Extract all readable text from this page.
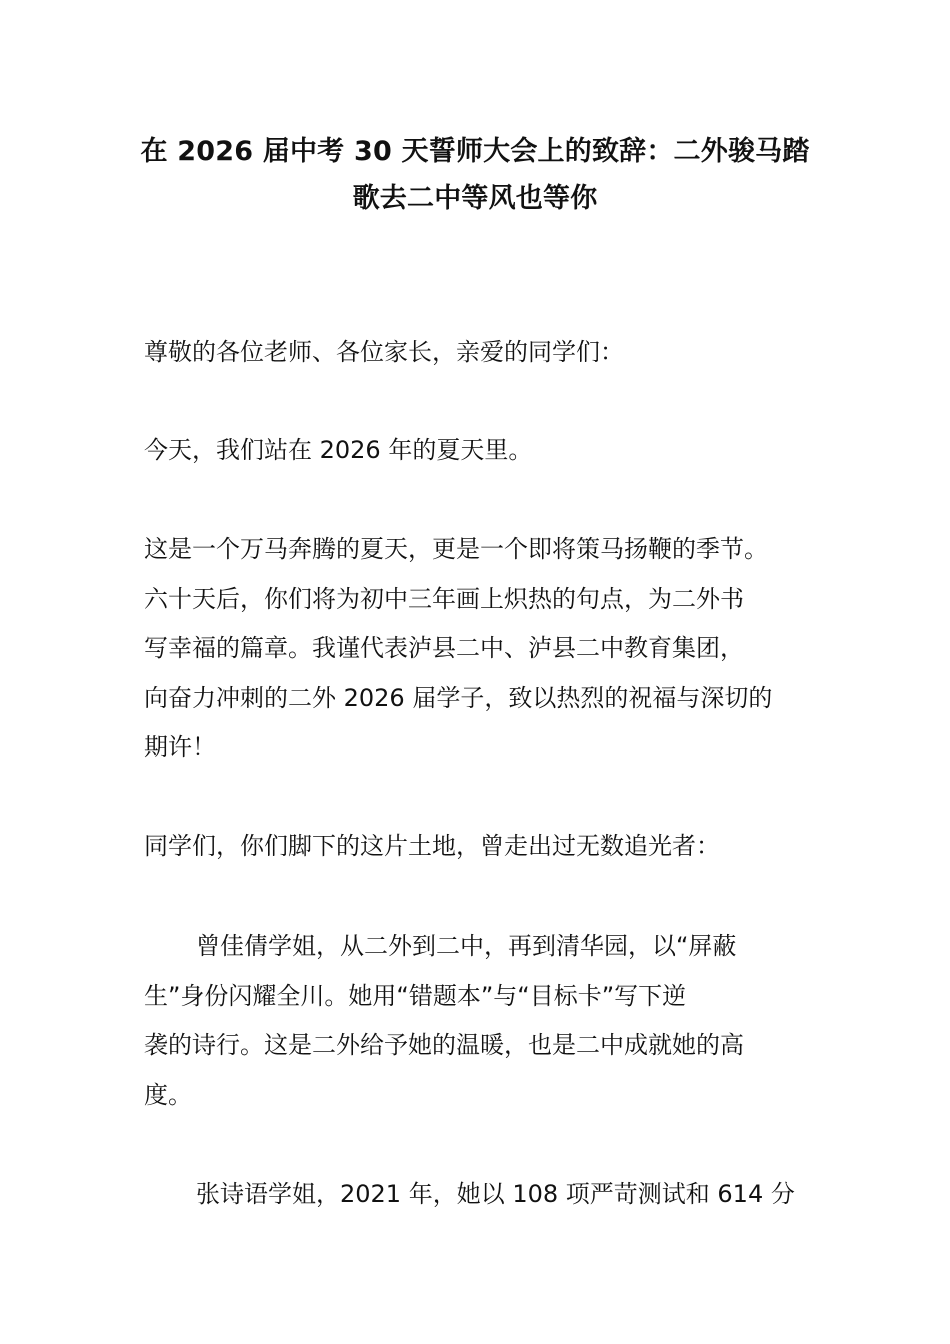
在 2026 届中考 30 天誓师大会上的致辞：二外骏马踏
歌去二中等风也等你

尊敬的各位老师、各位家长，亲爱的同学们：

今天，我们站在 2026 年的夏天里。

这是一个万马奔腾的夏天，更是一个即将策马扬鞭的季节。
六十天后，你们将为初中三年画上炽热的句点，为二外书
写幸福的篇章。我谨代表泸县二中、泸县二中教育集团，
向奋力冲刺的二外 2026 届学子，致以热烈的祝福与深切的
期许！

同学们，你们脚下的这片土地，曾走出过无数追光者：

曾佳倩学姐，从二外到二中，再到清华园，以“屏蔽
生”身份闪耀全川。她用“错题本”与“目标卡”写下逆
袭的诗行。这是二外给予她的温暖，也是二中成就她的高
度。

张诗语学姐，2021 年，她以 108 项严苛测试和 614 分
